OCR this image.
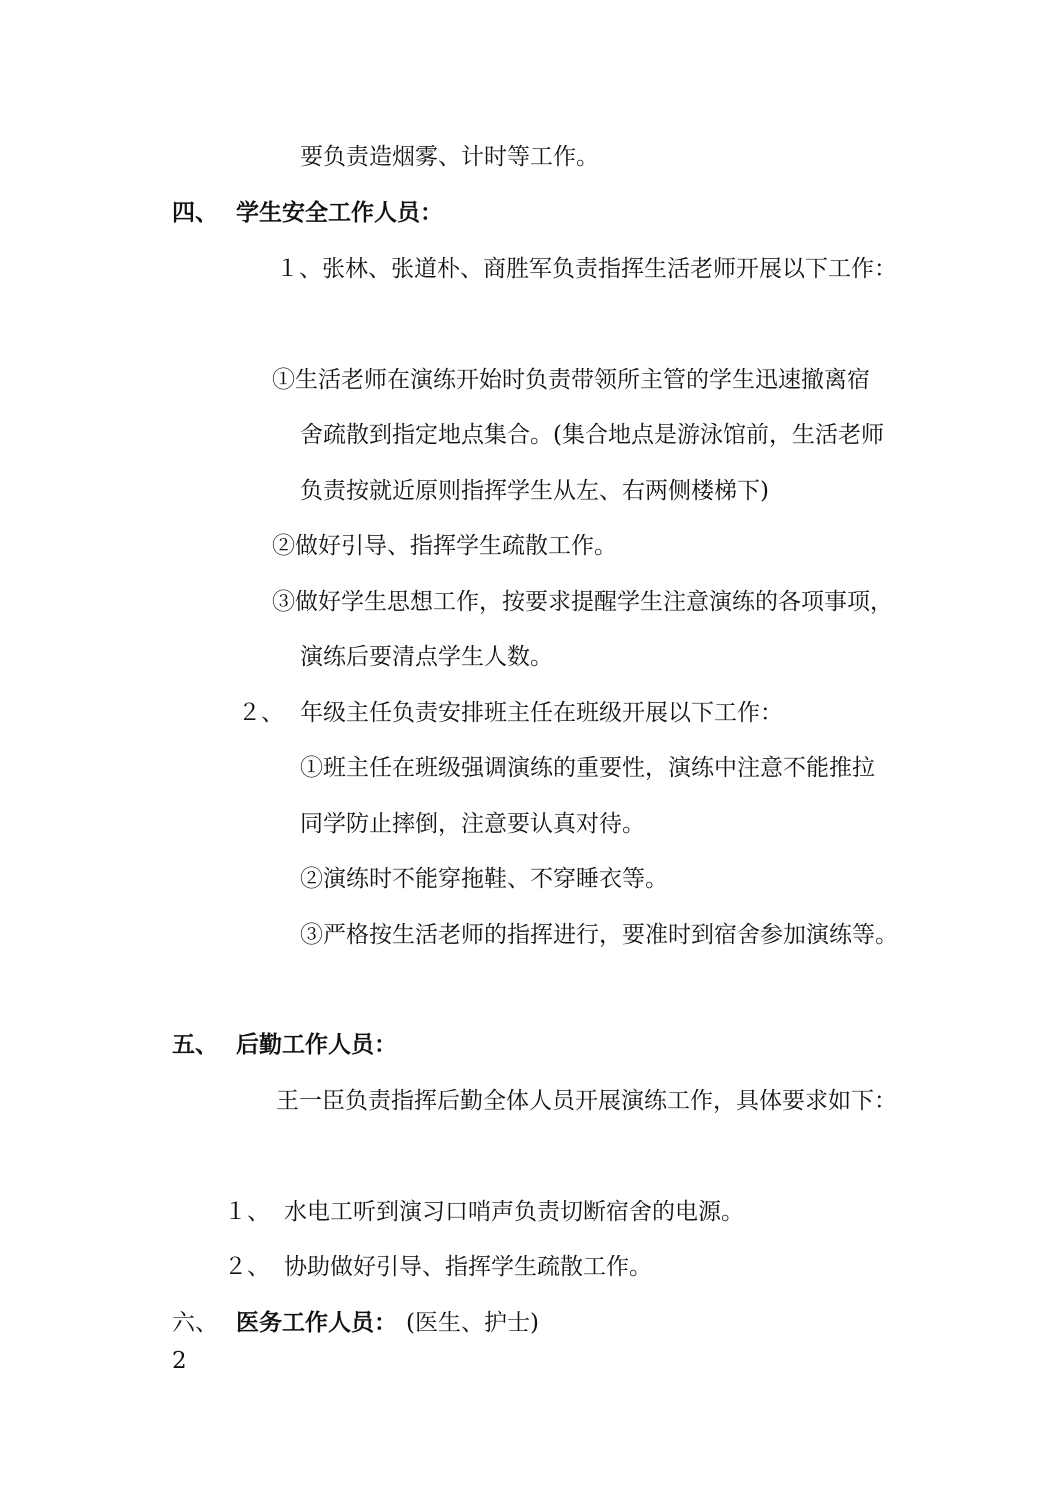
要负责造烟雾、计时等工作。
四、 学生安全工作人员：
１、张林、张道朴、商胜军负责指挥生活老师开展以下工作：
①生活老师在演练开始时负责带领所主管的学生迅速撤离宿
舍疏散到指定地点集合。(集合地点是游泳馆前，生活老师
负责按就近原则指挥学生从左、右两侧楼梯下)
②做好引导、指挥学生疏散工作。
③做好学生思想工作，按要求提醒学生注意演练的各项事项，
演练后要清点学生人数。
２、 年级主任负责安排班主任在班级开展以下工作：
①班主任在班级强调演练的重要性，演练中注意不能推拉
同学防止摔倒，注意要认真对待。
②演练时不能穿拖鞋、不穿睡衣等。
③严格按生活老师的指挥进行，要准时到宿舍参加演练等。
五、 后勤工作人员：
王一臣负责指挥后勤全体人员开展演练工作，具体要求如下：
１、 水电工听到演习口哨声负责切断宿舍的电源。
２、 协助做好引导、指挥学生疏散工作。
六、 医务工作人员： (医生、护士)
2
